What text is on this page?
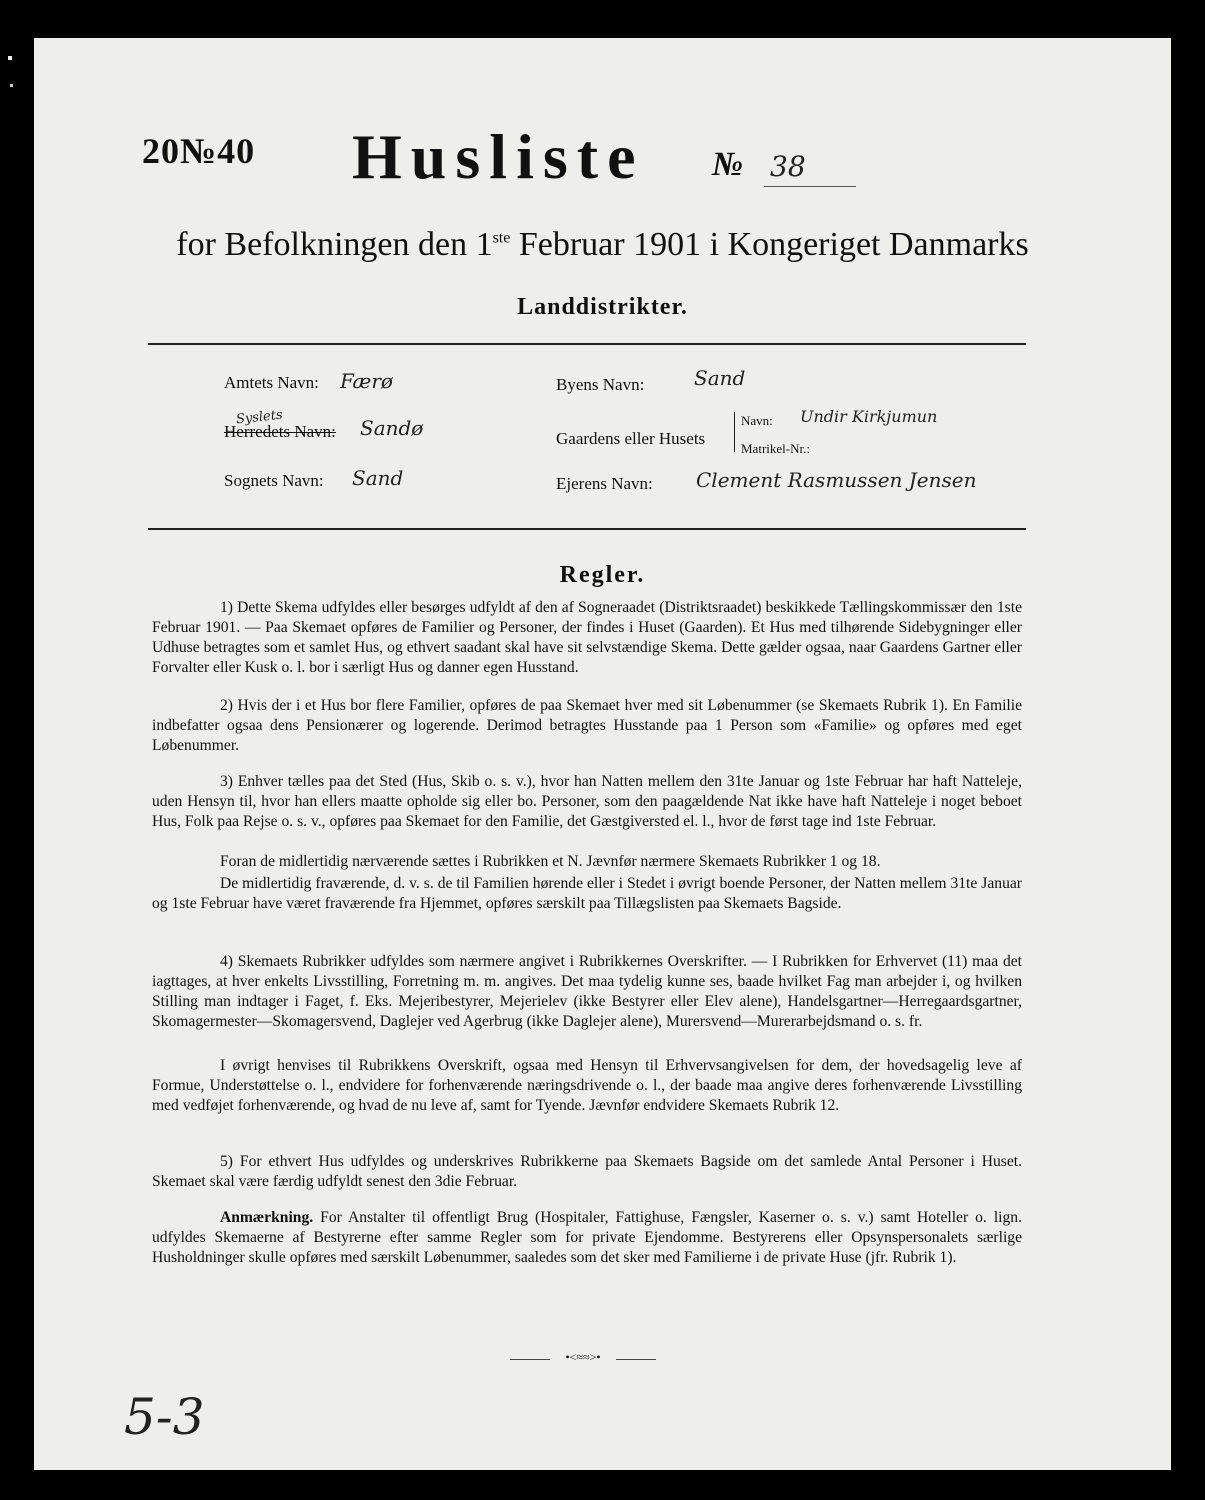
20№40 Husliste № 38
for Befolkningen den 1ste Februar 1901 i Kongeriget Danmarks
Landdistrikter.
Amtets Navn: Færø
Syslets
Herredets Navn: Sandø
Sognets Navn: Sand
Byens Navn: Sand
Gaardens eller Husets
Navn: Undir Kirkjumun
Matrikel-Nr.:
Ejerens Navn: Clement Rasmussen Jensen
Regler.
1) Dette Skema udfyldes eller besørges udfyldt af den af Sogneraadet (Distriktsraadet) beskikkede Tællingskommissær den 1ste Februar 1901. — Paa Skemaet opføres de Familier og Personer, der findes i Huset (Gaarden). Et Hus med tilhørende Sidebygninger eller Udhuse betragtes som et samlet Hus, og ethvert saadant skal have sit selvstændige Skema. Dette gælder ogsaa, naar Gaardens Gartner eller Forvalter eller Kusk o. l. bor i særligt Hus og danner egen Husstand.
2) Hvis der i et Hus bor flere Familier, opføres de paa Skemaet hver med sit Løbenummer (se Skemaets Rubrik 1). En Familie indbefatter ogsaa dens Pensionærer og logerende. Derimod betragtes Husstande paa 1 Person som «Familie» og opføres med eget Løbenummer.
3) Enhver tælles paa det Sted (Hus, Skib o. s. v.), hvor han Natten mellem den 31te Januar og 1ste Februar har haft Natteleje, uden Hensyn til, hvor han ellers maatte opholde sig eller bo. Personer, som den paagældende Nat ikke have haft Natteleje i noget beboet Hus, Folk paa Rejse o. s. v., opføres paa Skemaet for den Familie, det Gæstgiversted el. l., hvor de først tage ind 1ste Februar.
Foran de midlertidig nærværende sættes i Rubrikken et N. Jævnfør nærmere Skemaets Rubrikker 1 og 18.
De midlertidig fraværende, d. v. s. de til Familien hørende eller i Stedet i øvrigt boende Personer, der Natten mellem 31te Januar og 1ste Februar have været fraværende fra Hjemmet, opføres særskilt paa Tillægslisten paa Skemaets Bagside.
4) Skemaets Rubrikker udfyldes som nærmere angivet i Rubrikkernes Overskrifter. — I Rubrikken for Erhvervet (11) maa det iagttages, at hver enkelts Livsstilling, Forretning m. m. angives. Det maa tydelig kunne ses, baade hvilket Fag man arbejder i, og hvilken Stilling man indtager i Faget, f. Eks. Mejeribestyrer, Mejerielev (ikke Bestyrer eller Elev alene), Handelsgartner—Herregaardsgartner, Skomagermester—Skomagersvend, Daglejer ved Agerbrug (ikke Daglejer alene), Murersvend—Murerarbejdsmand o. s. fr.
I øvrigt henvises til Rubrikkens Overskrift, ogsaa med Hensyn til Erhvervsangivelsen for dem, der hovedsagelig leve af Formue, Understøttelse o. l., endvidere for forhenværende næringsdrivende o. l., der baade maa angive deres forhenværende Livsstilling med vedføjet forhenværende, og hvad de nu leve af, samt for Tyende. Jævnfør endvidere Skemaets Rubrik 12.
5) For ethvert Hus udfyldes og underskrives Rubrikkerne paa Skemaets Bagside om det samlede Antal Personer i Huset. Skemaet skal være færdig udfyldt senest den 3die Februar.
Anmærkning. For Anstalter til offentligt Brug (Hospitaler, Fattighuse, Fængsler, Kaserner o. s. v.) samt Hoteller o. lign. udfyldes Skemaerne af Bestyrerne efter samme Regler som for private Ejendomme. Bestyrerens eller Opsynspersonalets særlige Husholdninger skulle opføres med særskilt Løbenummer, saaledes som det sker med Familierne i de private Huse (jfr. Rubrik 1).
•<≈≈>•
5-3
